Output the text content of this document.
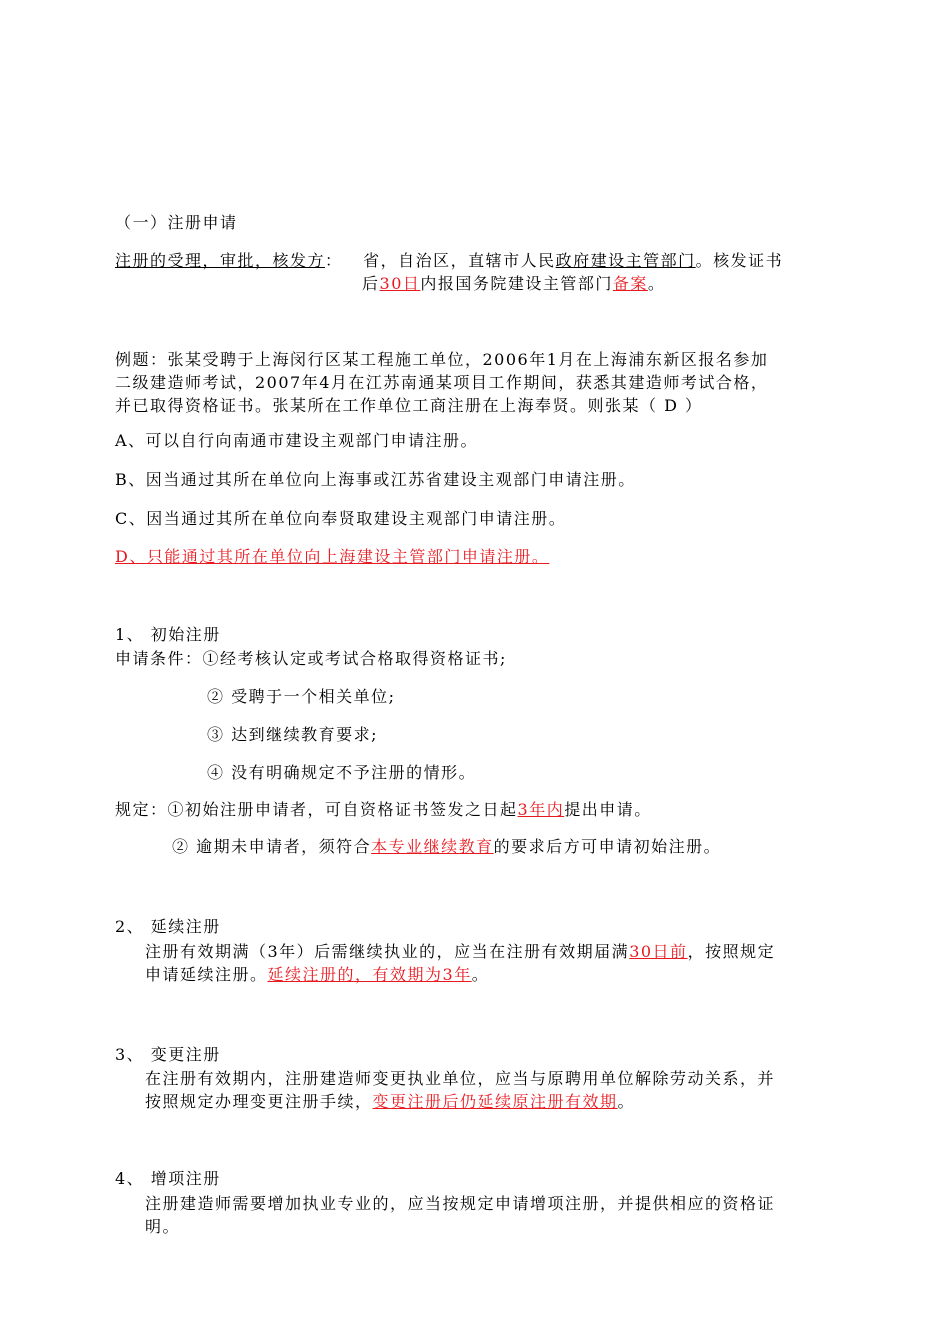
（一）注册申请
注册的受理，审批，核发方： 省，自治区，直辖市人民政府建设主管部门。核发证书
后30日内报国务院建设主管部门备案。
例题：张某受聘于上海闵行区某工程施工单位，2006年1月在上海浦东新区报名参加
二级建造师考试，2007年4月在江苏南通某项目工作期间，获悉其建造师考试合格，
并已取得资格证书。张某所在工作单位工商注册在上海奉贤。则张某（ D ）
A、可以自行向南通市建设主观部门申请注册。
B、因当通过其所在单位向上海事或江苏省建设主观部门申请注册。
C、因当通过其所在单位向奉贤取建设主观部门申请注册。
D、只能通过其所在单位向上海建设主管部门申请注册。
1、 初始注册
申请条件：①经考核认定或考试合格取得资格证书;
② 受聘于一个相关单位;
③ 达到继续教育要求;
④ 没有明确规定不予注册的情形。
规定：①初始注册申请者，可自资格证书签发之日起3年内提出申请。
② 逾期未申请者，须符合本专业继续教育的要求后方可申请初始注册。
2、 延续注册
注册有效期满（3年）后需继续执业的，应当在注册有效期届满30日前，按照规定
申请延续注册。延续注册的，有效期为3年。
3、 变更注册
在注册有效期内，注册建造师变更执业单位，应当与原聘用单位解除劳动关系，并
按照规定办理变更注册手续，变更注册后仍延续原注册有效期。
4、 增项注册
注册建造师需要增加执业专业的，应当按规定申请增项注册，并提供相应的资格证
明。
